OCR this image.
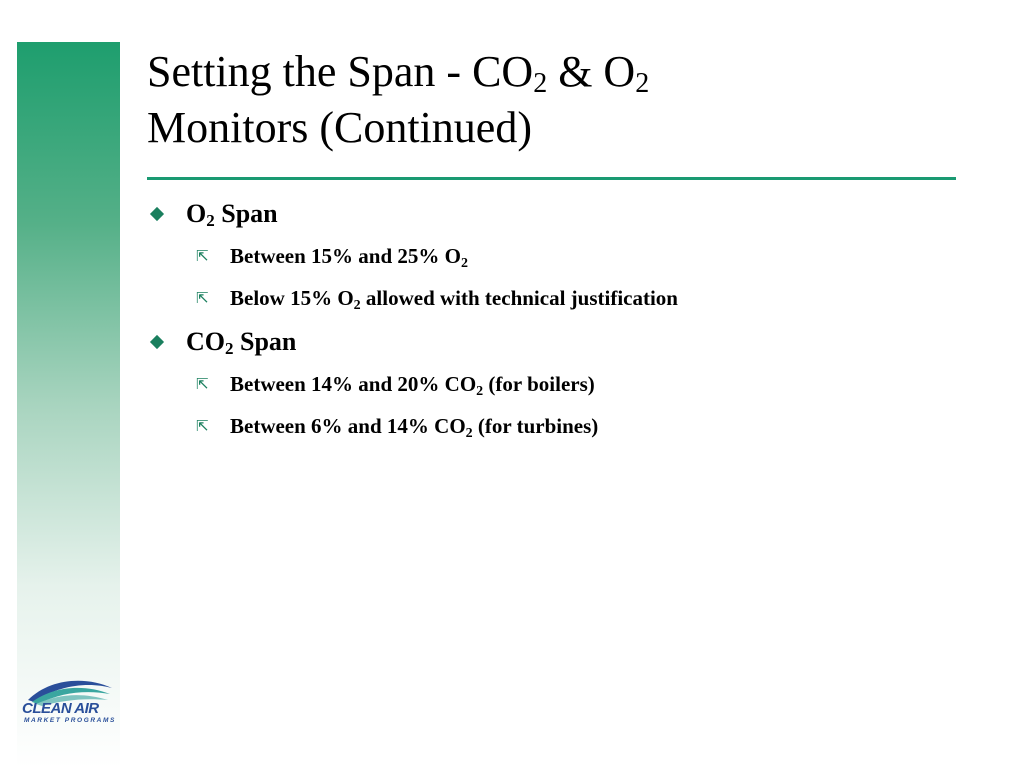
Setting the Span - $CO_2$ & $O_2$
Monitors (Continued)
$O_2$ Span
⇱ Between 15% and 25% $O_2$
⇱ Below 15% $O_2$ allowed with technical justification
$CO_2$ Span
⇱ Between 14% and 20% $CO_2$ (for boilers)
⇱ Between 6% and 14% $CO_2$ (for turbines)
CLEAN AIR
MARKET PROGRAMS
